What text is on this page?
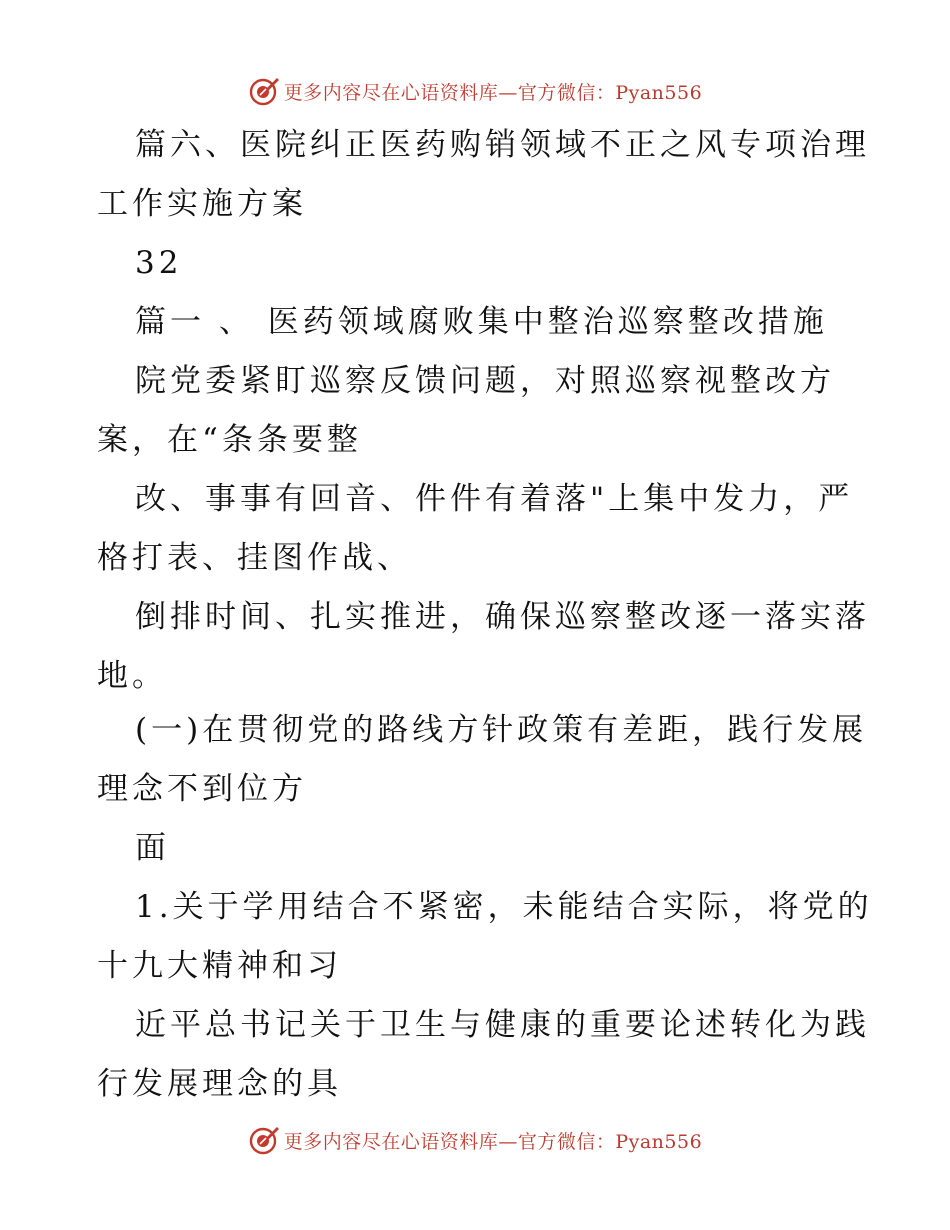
更多内容尽在心语资料库—官方微信：Pyan556
篇六、医院纠正医药购销领域不正之风专项治理
工作实施方案
32
篇一 、 医药领域腐败集中整治巡察整改措施
院党委紧盯巡察反馈问题，对照巡察视整改方
案，在“条条要整
改、事事有回音、件件有着落"上集中发力，严
格打表、挂图作战、
倒排时间、扎实推进，确保巡察整改逐一落实落
地。
(一)在贯彻党的路线方针政策有差距，践行发展
理念不到位方
面
1.关于学用结合不紧密，未能结合实际，将党的
十九大精神和习
近平总书记关于卫生与健康的重要论述转化为践
行发展理念的具
更多内容尽在心语资料库—官方微信：Pyan556
